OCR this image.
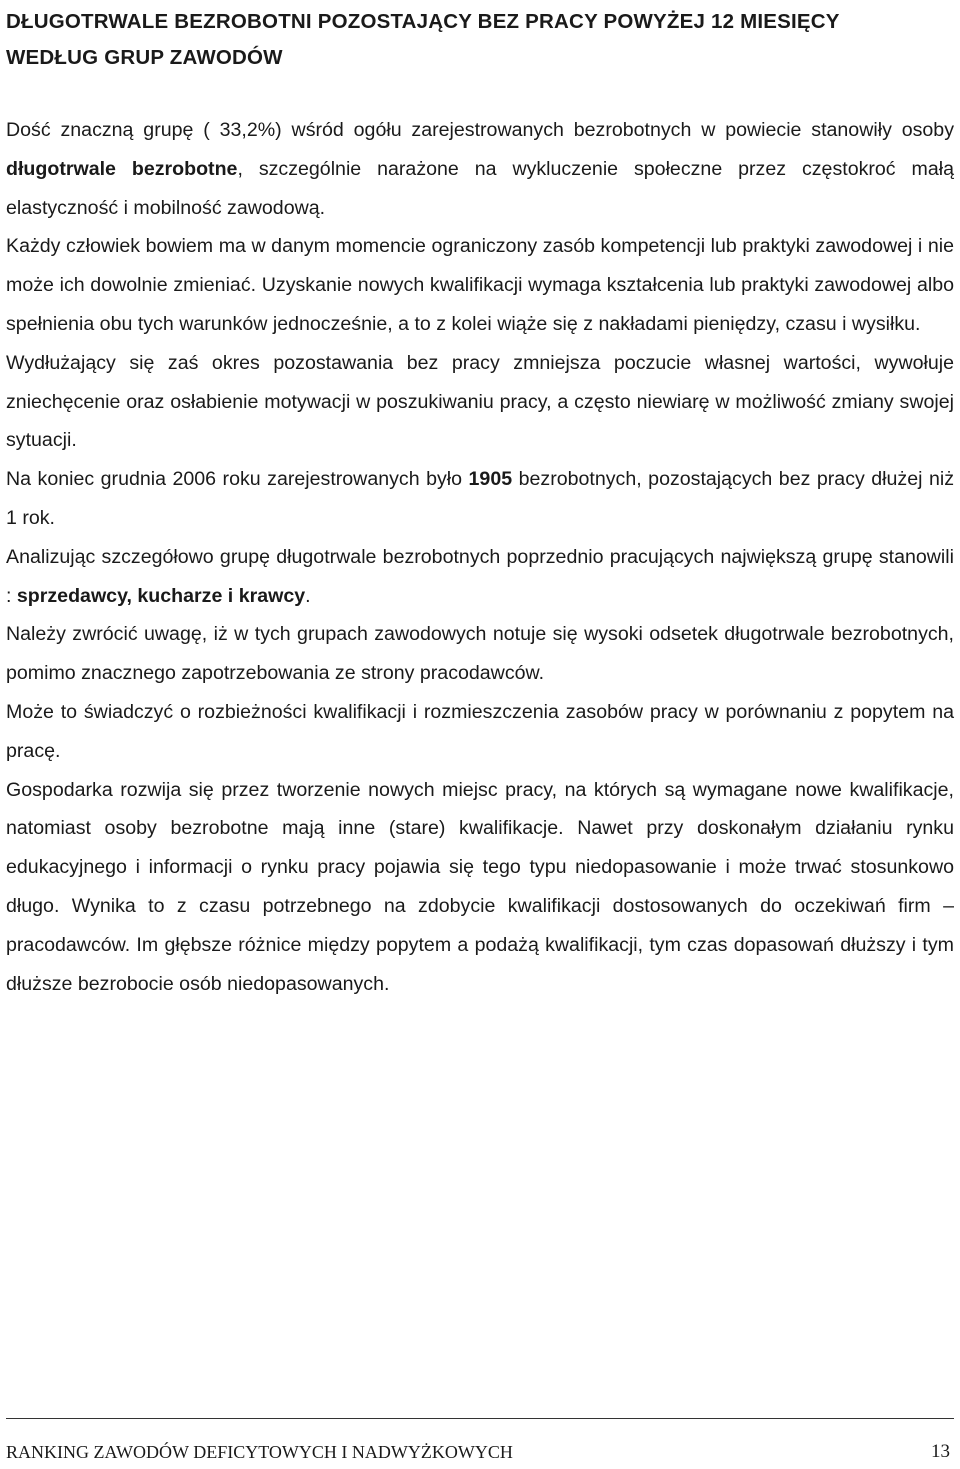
DŁUGOTRWALE BEZROBOTNI POZOSTAJĄCY BEZ PRACY POWYŻEJ 12 MIESIĘCY
WEDŁUG GRUP ZAWODÓW

Dość znaczną grupę ( 33,2%) wśród ogółu zarejestrowanych bezrobotnych w powiecie stanowiły osoby długotrwale bezrobotne, szczególnie narażone na wykluczenie społeczne przez częstokroć małą elastyczność i mobilność zawodową.

Każdy człowiek bowiem ma w danym momencie ograniczony zasób kompetencji lub praktyki zawodowej i nie może ich dowolnie zmieniać. Uzyskanie nowych kwalifikacji wymaga kształcenia lub praktyki zawodowej albo spełnienia obu tych warunków jednocześnie, a to z kolei wiąże się z nakładami pieniędzy, czasu i wysiłku.

Wydłużający się zaś okres pozostawania bez pracy zmniejsza poczucie własnej wartości, wywołuje zniechęcenie oraz osłabienie motywacji w poszukiwaniu pracy, a często niewiarę w możliwość zmiany swojej sytuacji.

Na koniec grudnia 2006 roku zarejestrowanych było 1905 bezrobotnych, pozostających bez pracy dłużej niż 1 rok.

Analizując szczegółowo grupę długotrwale bezrobotnych poprzednio pracujących największą grupę stanowili : sprzedawcy, kucharze i krawcy.

Należy zwrócić uwagę, iż w tych grupach zawodowych notuje się wysoki odsetek długotrwale bezrobotnych, pomimo znacznego zapotrzebowania ze strony pracodawców.

Może to świadczyć o rozbieżności kwalifikacji i rozmieszczenia zasobów pracy w porównaniu z popytem na pracę.

Gospodarka rozwija się przez tworzenie nowych miejsc pracy, na których są wymagane nowe kwalifikacje, natomiast osoby bezrobotne mają inne (stare) kwalifikacje. Nawet przy doskonałym działaniu rynku edukacyjnego i informacji o rynku pracy pojawia się tego typu niedopasowanie i może trwać stosunkowo długo. Wynika to z czasu potrzebnego na zdobycie kwalifikacji dostosowanych do oczekiwań firm – pracodawców. Im głębsze różnice między popytem a podażą kwalifikacji, tym czas dopasowań dłuższy i tym dłuższe bezrobocie osób niedopasowanych.

RANKING ZAWODÓW DEFICYTOWYCH I NADWYŻKOWYCH	13
